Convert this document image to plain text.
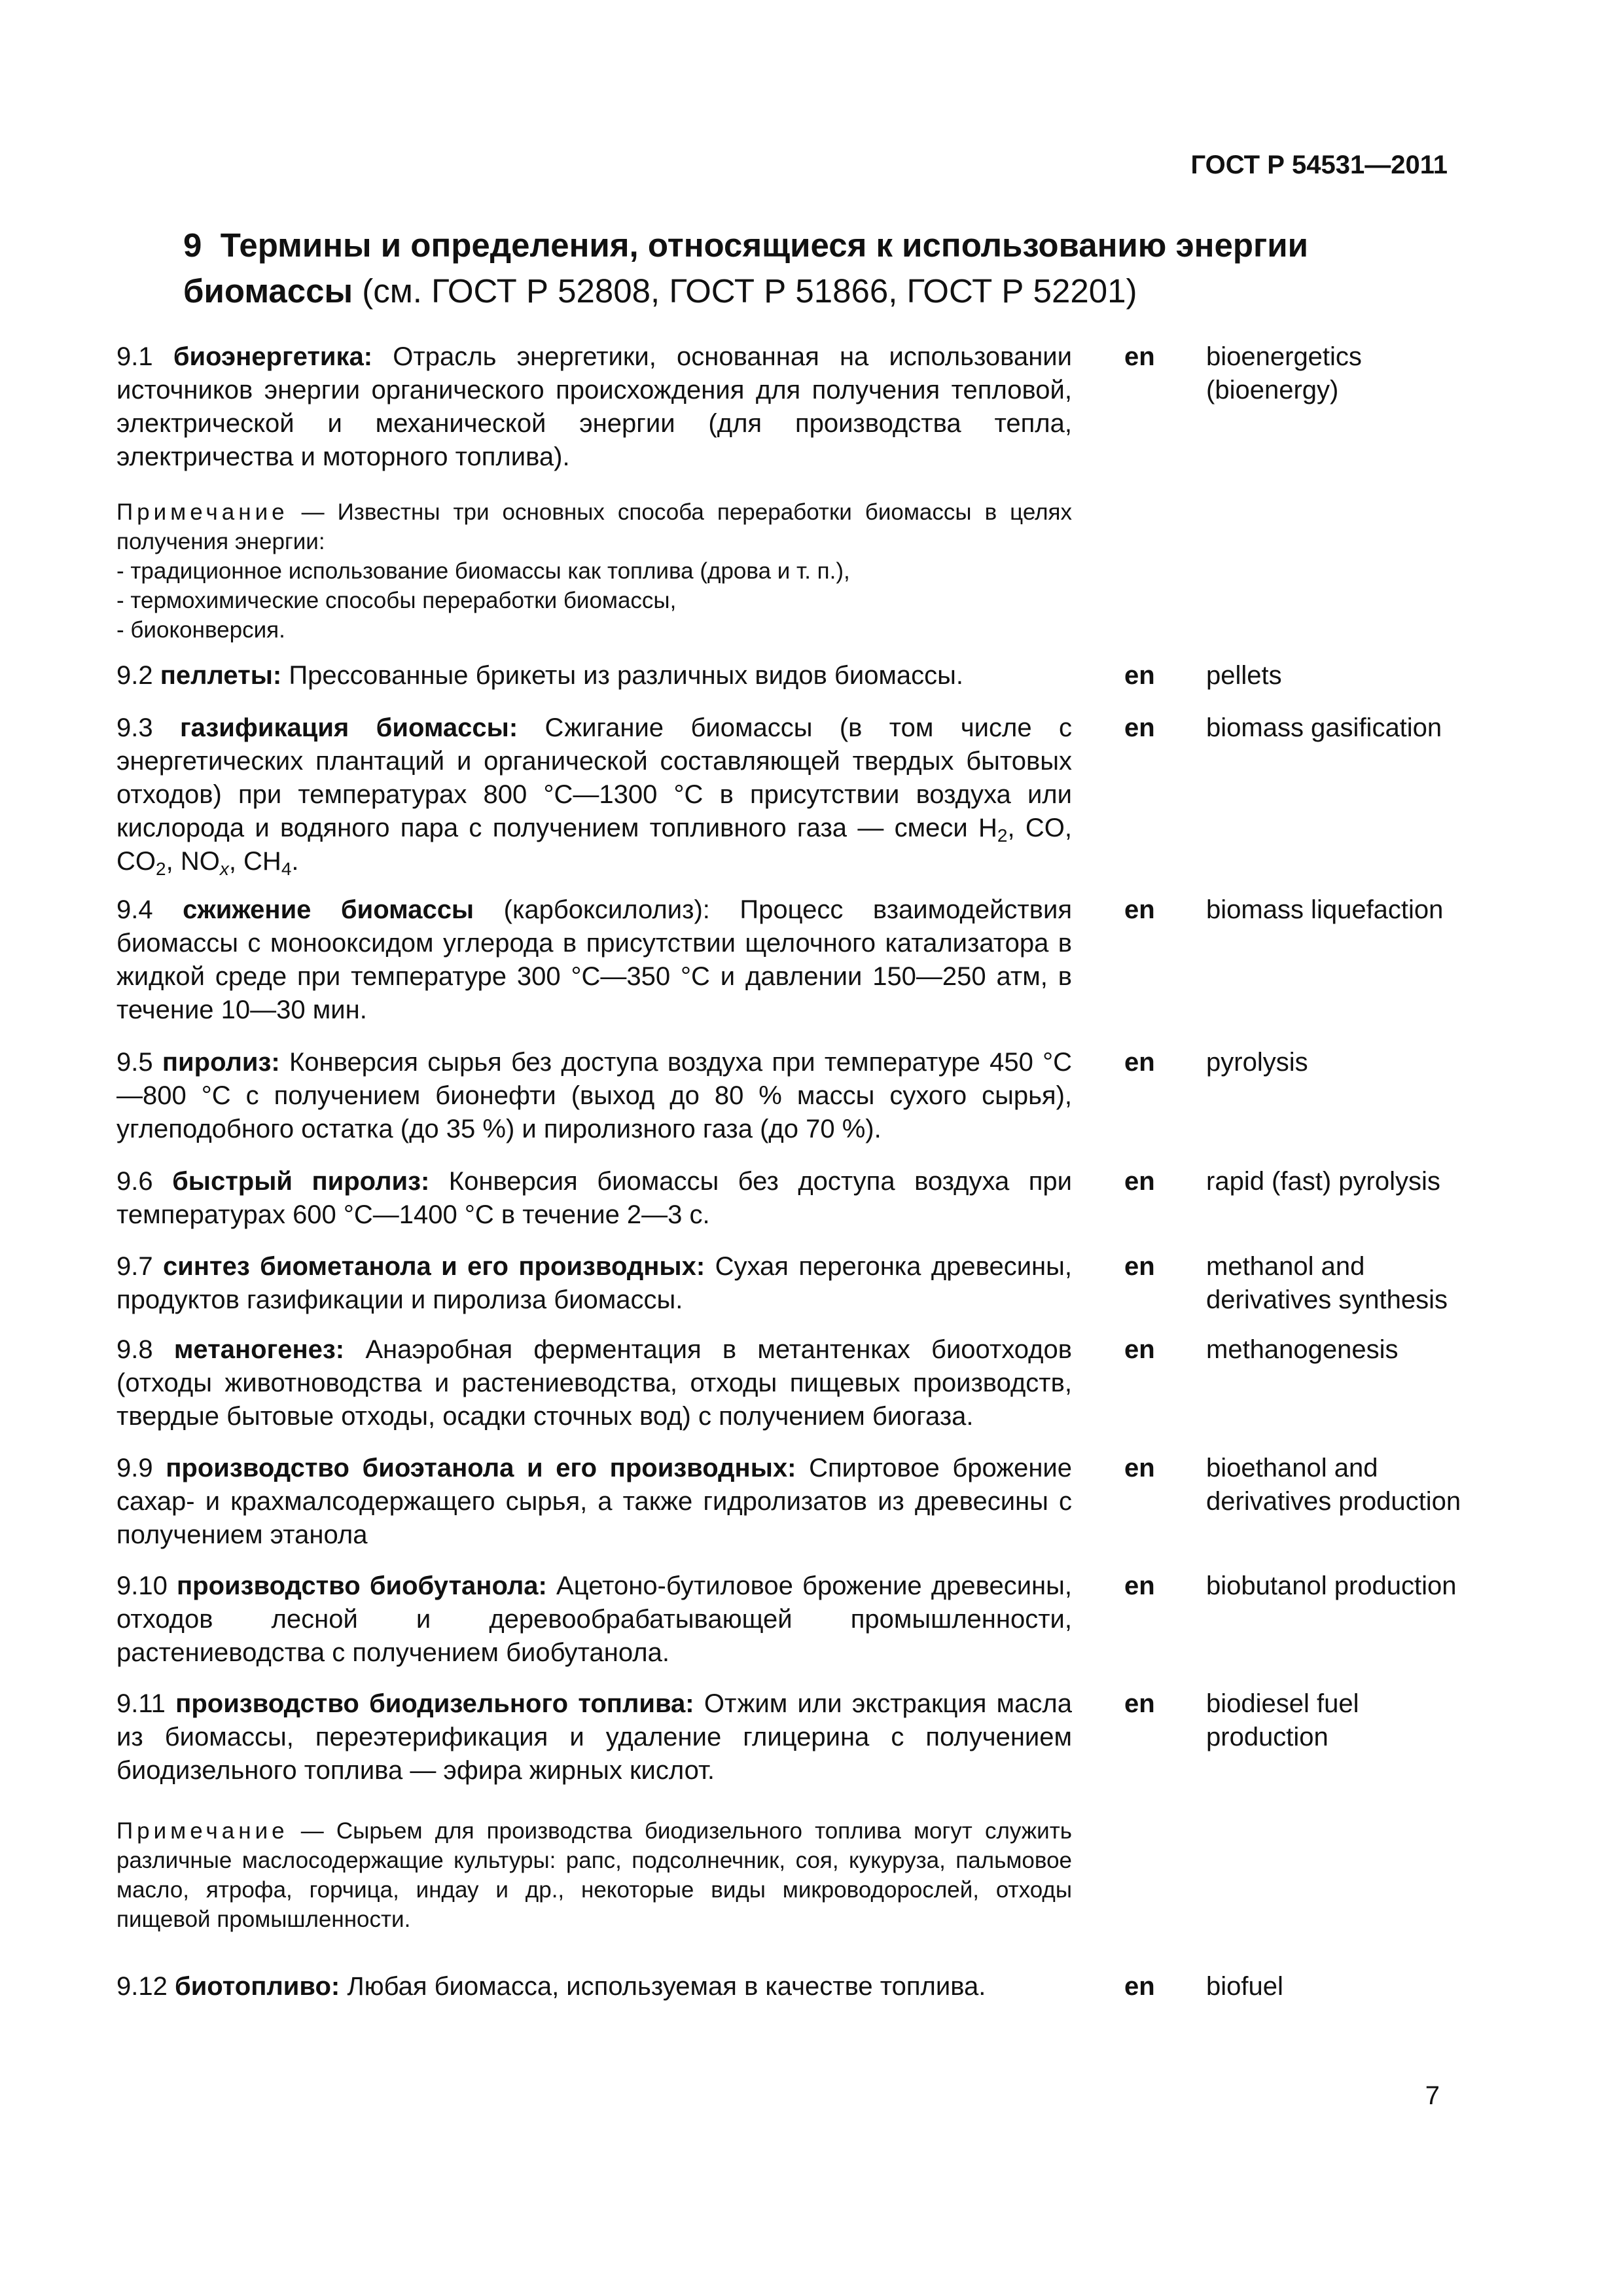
ГОСТ Р 54531—2011
9 Термины и определения, относящиеся к использованию энергии биомассы (см. ГОСТ Р 52808, ГОСТ Р 51866, ГОСТ Р 52201)
9.1 биоэнергетика: Отрасль энергетики, основанная на использовании источников энергии органического происхождения для получения тепловой, электрической и механической энергии (для производства тепла, электричества и моторного топлива).
en bioenergetics (bioenergy)
Примечание — Известны три основных способа переработки биомассы в целях получения энергии:
- традиционное использование биомассы как топлива (дрова и т. п.),
- термохимические способы переработки биомассы,
- биоконверсия.
9.2 пеллеты: Прессованные брикеты из различных видов биомассы.	en pellets
9.3 газификация биомассы: Сжигание биомассы (в том числе с энергетических плантаций и органической составляющей твердых бытовых отходов) при температурах 800 °С—1300 °С в присутствии воздуха или кислорода и водяного пара с получением топливного газа — смеси $H_2$, CO, $CO_2$, $NO_x$, $CH_4$.
en biomass gasification
9.4 сжижение биомассы (карбоксилолиз): Процесс взаимодействия биомассы с монооксидом углерода в присутствии щелочного катализатора в жидкой среде при температуре 300 °С—350 °С и давлении 150—250 атм, в течение 10—30 мин.
en biomass liquefaction
9.5 пиролиз: Конверсия сырья без доступа воздуха при температуре 450 °С—800 °С с получением бионефти (выход до 80 % массы сухого сырья), углеподобного остатка (до 35 %) и пиролизного газа (до 70 %).
en pyrolysis
9.6 быстрый пиролиз: Конверсия биомассы без доступа воздуха при температурах 600 °С—1400 °С в течение 2—3 с.
en rapid (fast) pyrolysis
9.7 синтез биометанола и его производных: Сухая перегонка древесины, продуктов газификации и пиролиза биомассы.
en methanol and derivatives synthesis
9.8 метаногенез: Анаэробная ферментация в метантенках биоотходов (отходы животноводства и растениеводства, отходы пищевых производств, твердые бытовые отходы, осадки сточных вод) с получением биогаза.
en methanogenesis
9.9 производство биоэтанола и его производных: Спиртовое брожение сахар- и крахмалсодержащего сырья, а также гидролизатов из древесины с получением этанола
en bioethanol and derivatives production
9.10 производство биобутанола: Ацетоно-бутиловое брожение древесины, отходов лесной и деревообрабатывающей промышленности, растениеводства с получением биобутанола.
en biobutanol production
9.11 производство биодизельного топлива: Отжим или экстракция масла из биомассы, переэтерификация и удаление глицерина с получением биодизельного топлива — эфира жирных кислот.
en biodiesel fuel production
Примечание — Сырьем для производства биодизельного топлива могут служить различные маслосодержащие культуры: рапс, подсолнечник, соя, кукуруза, пальмовое масло, ятрофа, горчица, индау и др., некоторые виды микроводорослей, отходы пищевой промышленности.
9.12 биотопливо: Любая биомасса, используемая в качестве топлива.	en biofuel
7
